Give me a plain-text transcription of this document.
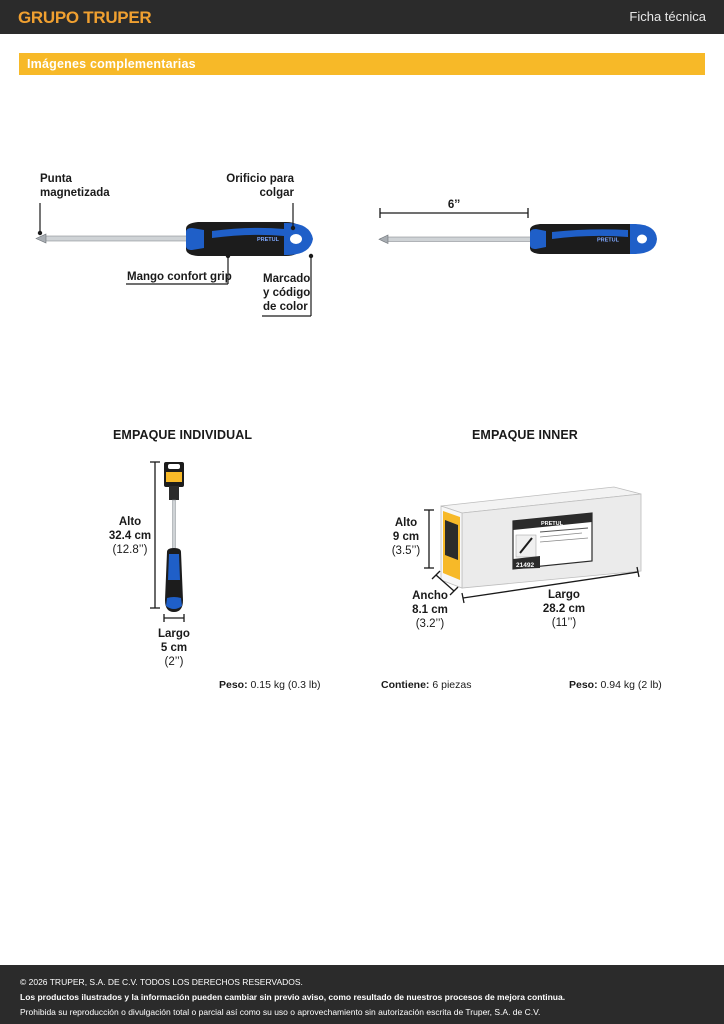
GRUPO TRUPER	Ficha técnica
Imágenes complementarias
PRETUL	PRETUL
PRETUL
21492
Punta
magnetizada
Orificio para
colgar
Mango confort grip	Marcado
y código
de color
6’’
EMPAQUE INDIVIDUAL
Alto
32.4 cm
(12.8’’)
Largo
5 cm
(2’’)
Peso: 0.15 kg (0.3 lb)
EMPAQUE INNER
Alto
9 cm
(3.5’’)
Ancho
8.1 cm
(3.2’’)
Largo
28.2 cm
(11’’)
Contiene: 6 piezas	Peso: 0.94 kg (2 lb)
© 2026 TRUPER, S.A. DE C.V. TODOS LOS DERECHOS RESERVADOS.
Los productos ilustrados y la información pueden cambiar sin previo aviso, como resultado de nuestros procesos de mejora continua.
Prohibida su reproducción o divulgación total o parcial así como su uso o aprovechamiento sin autorización escrita de Truper, S.A. de C.V.
